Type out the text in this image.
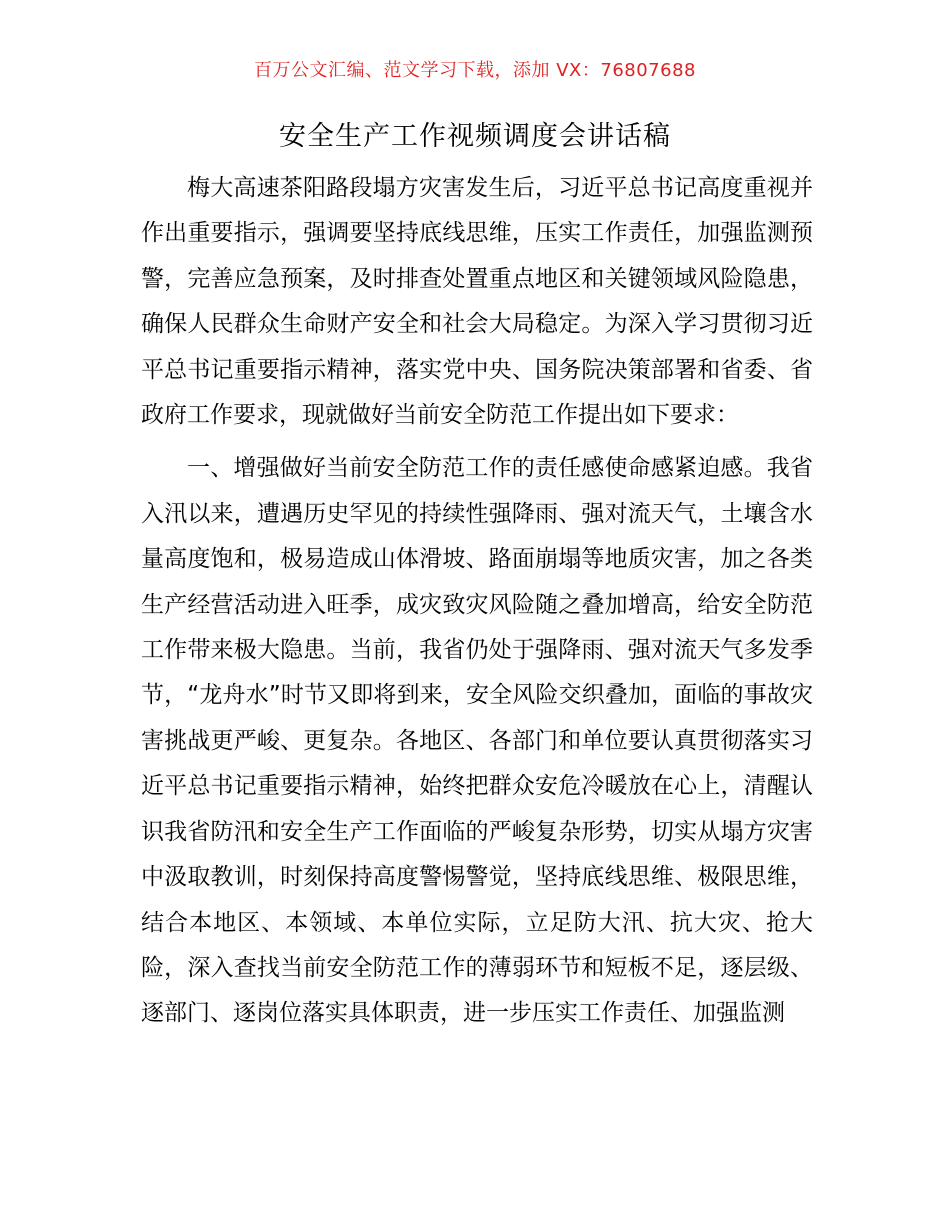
百万公文汇编、范文学习下载，添加 VX：76807688
安全生产工作视频调度会讲话稿

梅大高速茶阳路段塌方灾害发生后，习近平总书记高度重视并作出重要指示，强调要坚持底线思维，压实工作责任，加强监测预警，完善应急预案，及时排查处置重点地区和关键领域风险隐患，确保人民群众生命财产安全和社会大局稳定。为深入学习贯彻习近平总书记重要指示精神，落实党中央、国务院决策部署和省委、省政府工作要求，现就做好当前安全防范工作提出如下要求：

一、增强做好当前安全防范工作的责任感使命感紧迫感。我省入汛以来，遭遇历史罕见的持续性强降雨、强对流天气，土壤含水量高度饱和，极易造成山体滑坡、路面崩塌等地质灾害，加之各类生产经营活动进入旺季，成灾致灾风险随之叠加增高，给安全防范工作带来极大隐患。当前，我省仍处于强降雨、强对流天气多发季节，“龙舟水”时节又即将到来，安全风险交织叠加，面临的事故灾害挑战更严峻、更复杂。各地区、各部门和单位要认真贯彻落实习近平总书记重要指示精神，始终把群众安危冷暖放在心上，清醒认识我省防汛和安全生产工作面临的严峻复杂形势，切实从塌方灾害中汲取教训，时刻保持高度警惕警觉，坚持底线思维、极限思维，结合本地区、本领域、本单位实际，立足防大汛、抗大灾、抢大险，深入查找当前安全防范工作的薄弱环节和短板不足，逐层级、逐部门、逐岗位落实具体职责，进一步压实工作责任、加强监测
